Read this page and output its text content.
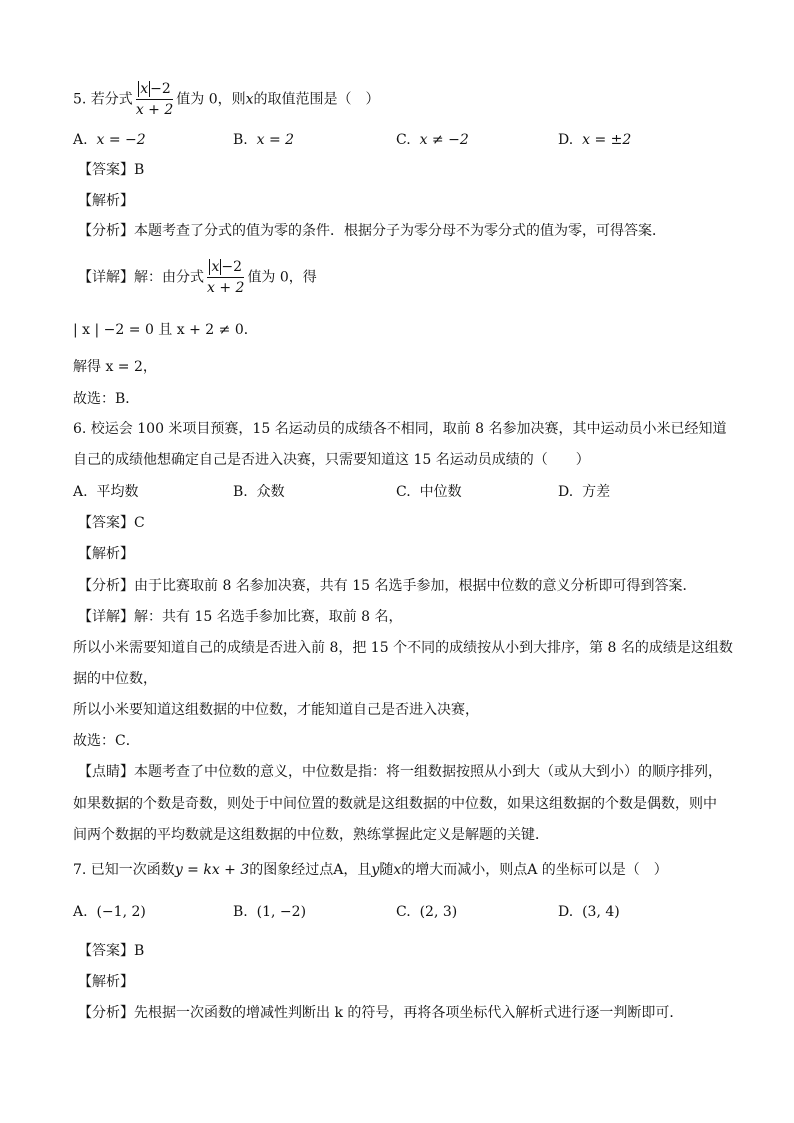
5. 若分式 $\frac{x -2}{x + 2}$ 值为 0，则x的取值范围是（　）
A. x = −2	B. x = 2	C. x ≠ −2	D. x = ±2
【答案】B
【解析】
【分析】本题考查了分式的值为零的条件．根据分子为零分母不为零分式的值为零，可得答案．
【详解】解：由分式 $\frac{x -2}{x + 2}$ 值为 0，得
| x | −2 = 0 且 x + 2 ≠ 0．
解得 x = 2，
故选：B．
6. 校运会 100 米项目预赛，15 名运动员的成绩各不相同，取前 8 名参加决赛，其中运动员小米已经知道
自己的成绩他想确定自己是否进入决赛，只需要知道这 15 名运动员成绩的（　　）
A. 平均数	B. 众数	C. 中位数	D. 方差
【答案】C
【解析】
【分析】由于比赛取前 8 名参加决赛，共有 15 名选手参加，根据中位数的意义分析即可得到答案．
【详解】解：共有 15 名选手参加比赛，取前 8 名，
所以小米需要知道自己的成绩是否进入前 8，把 15 个不同的成绩按从小到大排序，第 8 名的成绩是这组数
据的中位数，
所以小米要知道这组数据的中位数，才能知道自己是否进入决赛，
故选：C．
【点睛】本题考查了中位数的意义，中位数是指：将一组数据按照从小到大（或从大到小）的顺序排列，
如果数据的个数是奇数，则处于中间位置的数就是这组数据的中位数，如果这组数据的个数是偶数，则中
间两个数据的平均数就是这组数据的中位数，熟练掌握此定义是解题的关键．
7. 已知一次函数y = kx + 3的图象经过点A，且y随x的增大而减小，则点A 的坐标可以是（　）
A. (−1, 2)	B. (1, −2)	C. (2, 3)	D. (3, 4)
【答案】B
【解析】
【分析】先根据一次函数的增减性判断出 k 的符号，再将各项坐标代入解析式进行逐一判断即可．
